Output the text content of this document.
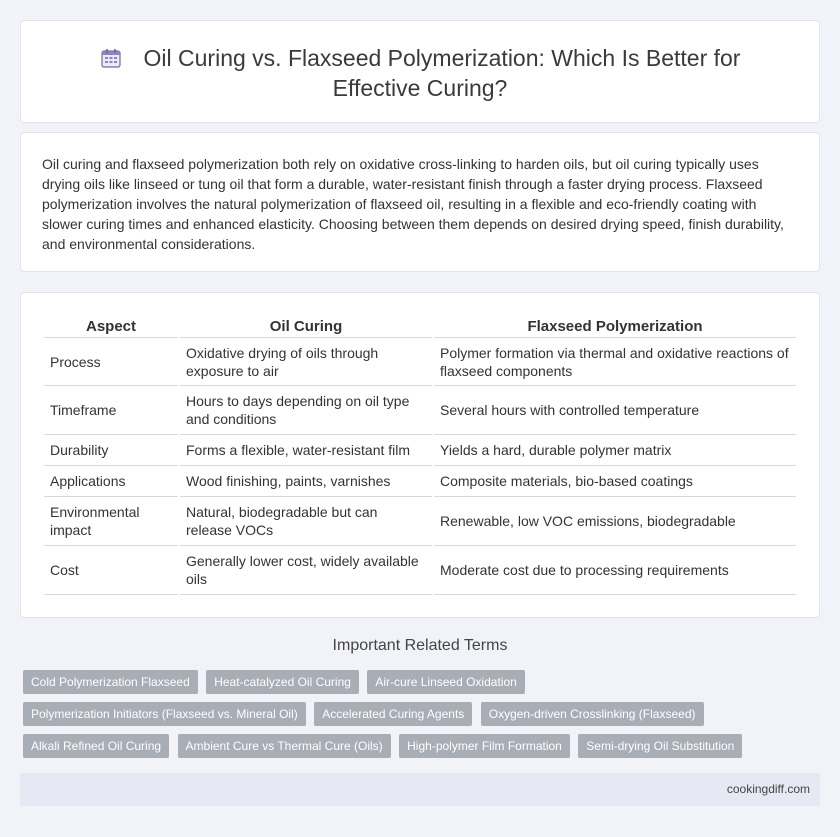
Oil Curing vs. Flaxseed Polymerization: Which Is Better for Effective Curing?
Oil curing and flaxseed polymerization both rely on oxidative cross-linking to harden oils, but oil curing typically uses drying oils like linseed or tung oil that form a durable, water-resistant finish through a faster drying process. Flaxseed polymerization involves the natural polymerization of flaxseed oil, resulting in a flexible and eco-friendly coating with slower curing times and enhanced elasticity. Choosing between them depends on desired drying speed, finish durability, and environmental considerations.
Aspect	Oil Curing	Flaxseed Polymerization
Process	Oxidative drying of oils through exposure to air	Polymer formation via thermal and oxidative reactions of flaxseed components
Timeframe	Hours to days depending on oil type and conditions	Several hours with controlled temperature
Durability	Forms a flexible, water-resistant film	Yields a hard, durable polymer matrix
Applications	Wood finishing, paints, varnishes	Composite materials, bio-based coatings
Environmental impact	Natural, biodegradable but can release VOCs	Renewable, low VOC emissions, biodegradable
Cost	Generally lower cost, widely available oils	Moderate cost due to processing requirements
Important Related Terms
Cold Polymerization Flaxseed Heat-catalyzed Oil Curing Air-cure Linseed Oxidation Polymerization Initiators (Flaxseed vs. Mineral Oil) Accelerated Curing Agents Oxygen-driven Crosslinking (Flaxseed) Alkali Refined Oil Curing Ambient Cure vs Thermal Cure (Oils) High-polymer Film Formation Semi-drying Oil Substitution
cookingdiff.com
